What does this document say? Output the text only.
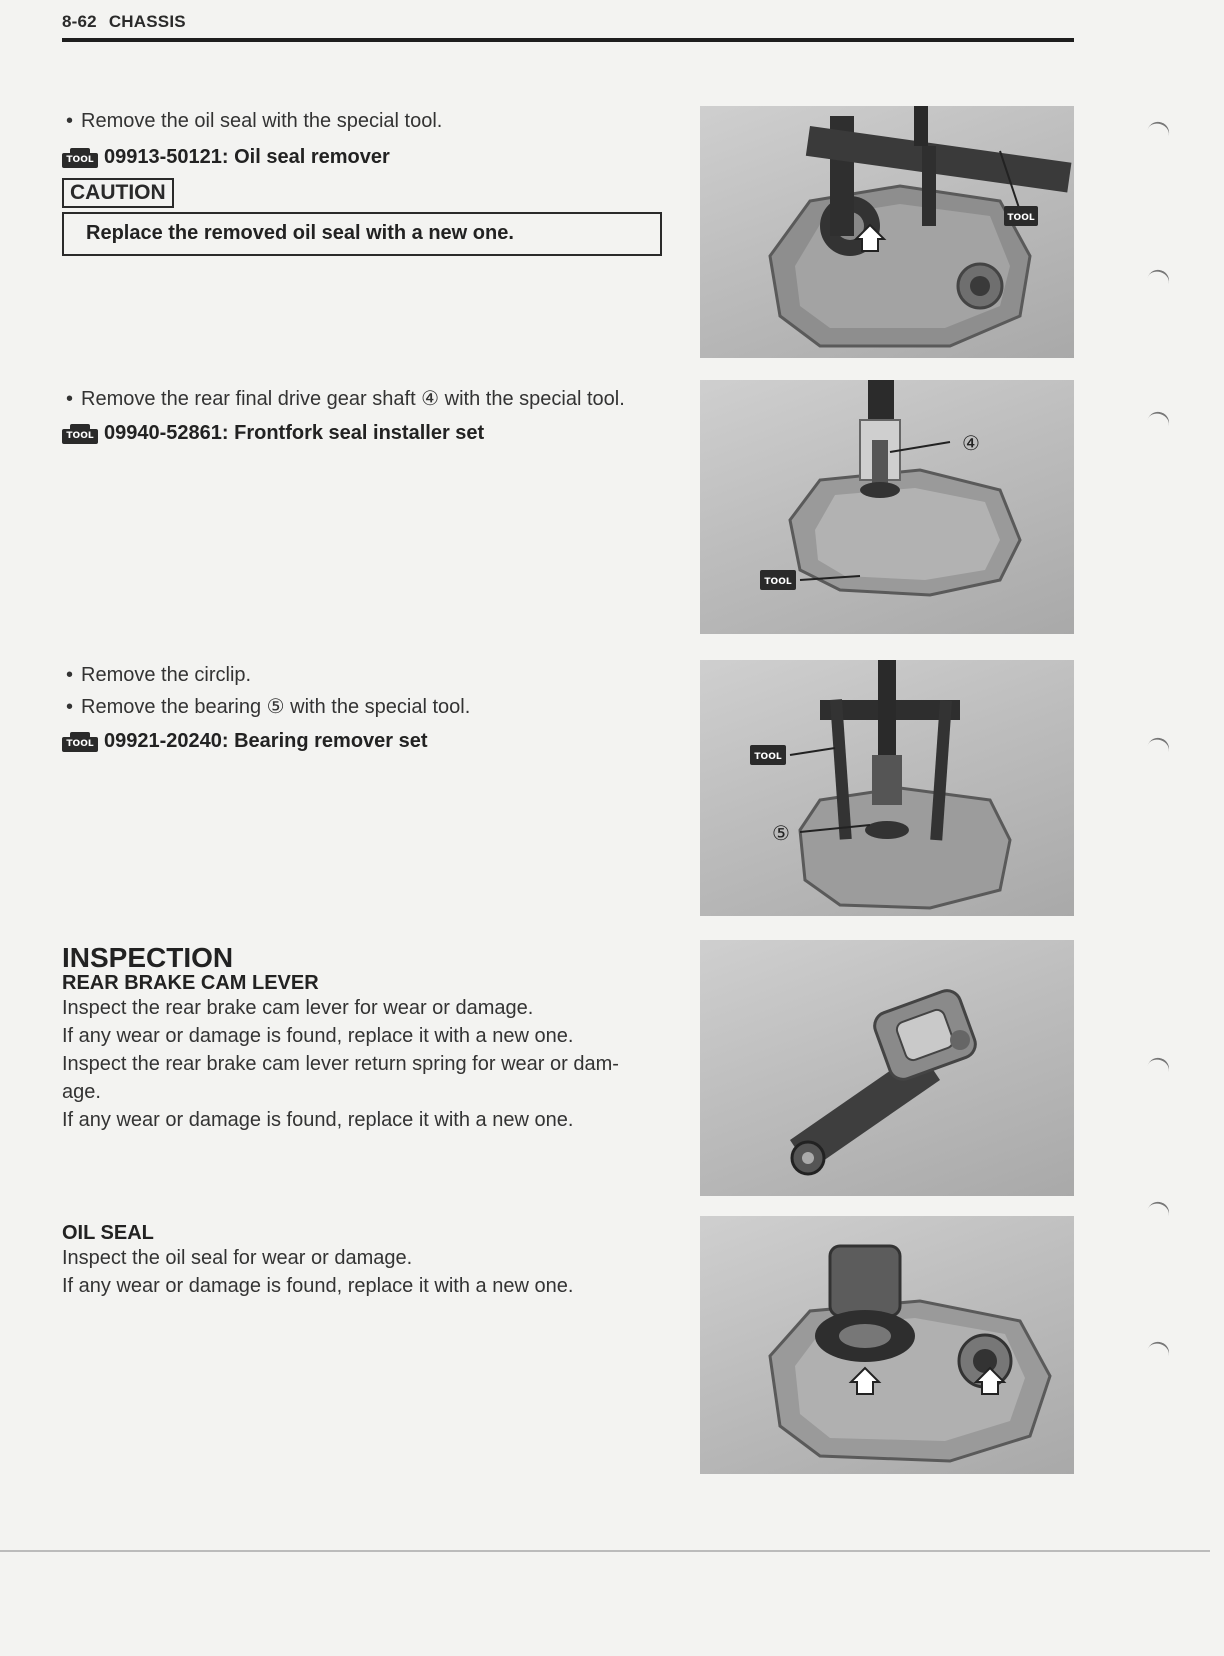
8-62 CHASSIS
• Remove the oil seal with the special tool.
TOOL 09913-50121: Oil seal remover
CAUTION
Replace the removed oil seal with a new one.
TOOL
• Remove the rear final drive gear shaft ④ with the special tool.
TOOL 09940-52861: Frontfork seal installer set	④
TOOL
• Remove the circlip.
• Remove the bearing ⑤ with the special tool.
TOOL 09921-20240: Bearing remover set
TOOL
⑤
INSPECTION
REAR BRAKE CAM LEVER
Inspect the rear brake cam lever for wear or damage.
If any wear or damage is found, replace it with a new one.
Inspect the rear brake cam lever return spring for wear or dam-
age.
If any wear or damage is found, replace it with a new one.
OIL SEAL
Inspect the oil seal for wear or damage.
If any wear or damage is found, replace it with a new one.
